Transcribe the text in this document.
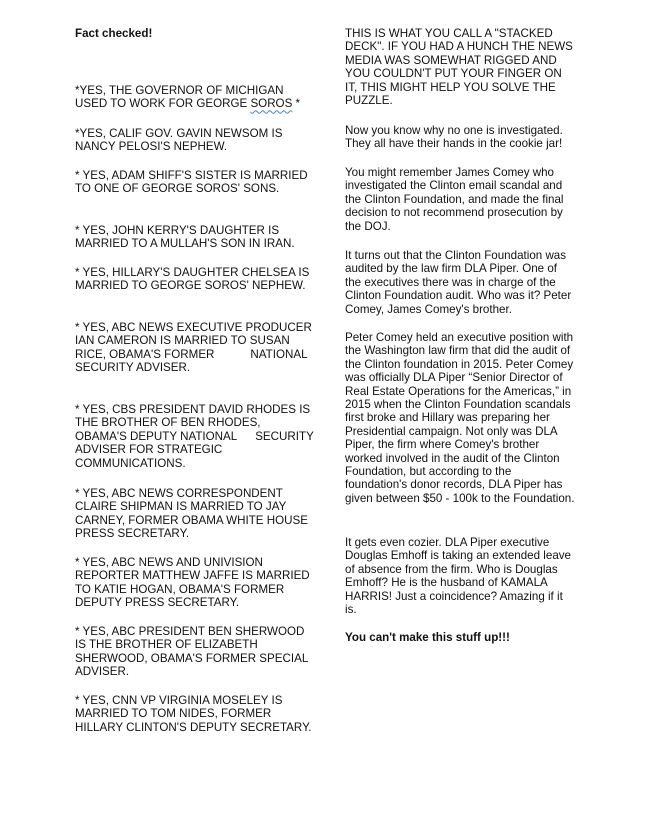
Fact checked!

*YES, THE GOVERNOR OF MICHIGAN USED TO WORK FOR GEORGE SOROS *

*YES, CALIF GOV. GAVIN NEWSOM IS NANCY PELOSI'S NEPHEW.

* YES, ADAM SHIFF'S SISTER IS MARRIED TO ONE OF GEORGE SOROS' SONS.

* YES, JOHN KERRY'S DAUGHTER IS MARRIED TO A MULLAH'S SON IN IRAN.

* YES, HILLARY'S DAUGHTER CHELSEA IS MARRIED TO GEORGE SOROS' NEPHEW.

* YES, ABC NEWS EXECUTIVE PRODUCER IAN CAMERON IS MARRIED TO SUSAN RICE, OBAMA'S FORMER	NATIONAL SECURITY ADVISER.

* YES, CBS PRESIDENT DAVID RHODES IS THE BROTHER OF BEN RHODES, OBAMA'S DEPUTY NATIONAL SECURITY ADVISER FOR STRATEGIC COMMUNICATIONS.

* YES, ABC NEWS CORRESPONDENT CLAIRE SHIPMAN IS MARRIED TO JAY CARNEY, FORMER OBAMA WHITE HOUSE PRESS SECRETARY.

* YES, ABC NEWS AND UNIVISION REPORTER MATTHEW JAFFE IS MARRIED TO KATIE HOGAN, OBAMA'S FORMER DEPUTY PRESS SECRETARY.

* YES, ABC PRESIDENT BEN SHERWOOD IS THE BROTHER OF ELIZABETH SHERWOOD, OBAMA'S FORMER SPECIAL ADVISER.

* YES, CNN VP VIRGINIA MOSELEY IS MARRIED TO TOM NIDES, FORMER HILLARY CLINTON'S DEPUTY SECRETARY.

THIS IS WHAT YOU CALL A "STACKED DECK". IF YOU HAD A HUNCH THE NEWS MEDIA WAS SOMEWHAT RIGGED AND YOU COULDN'T PUT YOUR FINGER ON IT, THIS MIGHT HELP YOU SOLVE THE PUZZLE.

Now you know why no one is investigated. They all have their hands in the cookie jar!

You might remember James Comey who investigated the Clinton email scandal and the Clinton Foundation, and made the final decision to not recommend prosecution by the DOJ.

It turns out that the Clinton Foundation was audited by the law firm DLA Piper. One of the executives there was in charge of the Clinton Foundation audit. Who was it? Peter Comey, James Comey's brother.

Peter Comey held an executive position with the Washington law firm that did the audit of the Clinton foundation in 2015. Peter Comey was officially DLA Piper “Senior Director of Real Estate Operations for the Americas,” in 2015 when the Clinton Foundation scandals first broke and Hillary was preparing her Presidential campaign. Not only was DLA Piper, the firm where Comey's brother worked involved in the audit of the Clinton Foundation, but according to the foundation's donor records, DLA Piper has given between $50 - 100k to the Foundation.

It gets even cozier. DLA Piper executive Douglas Emhoff is taking an extended leave of absence from the firm. Who is Douglas Emhoff? He is the husband of KAMALA HARRIS! Just a coincidence? Amazing if it is.

You can't make this stuff up!!!
